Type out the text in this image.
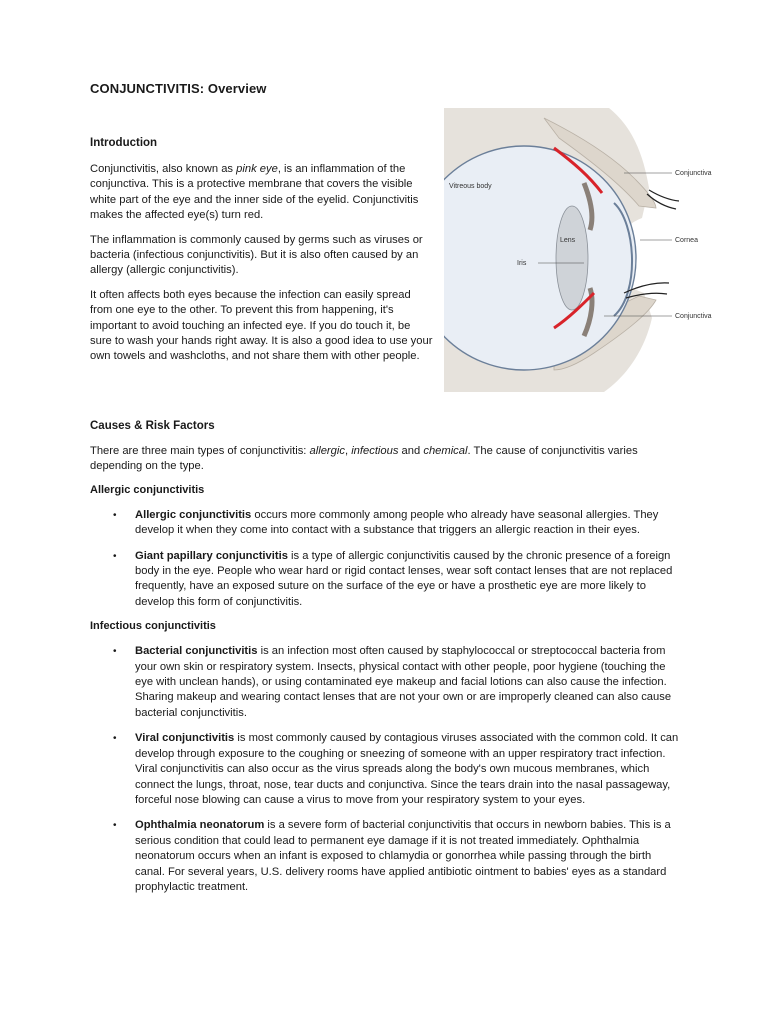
CONJUNCTIVITIS: Overview
Introduction

Conjunctivitis, also known as pink eye, is an inflammation of the conjunctiva. This is a protective membrane that covers the visible white part of the eye and the inner side of the eyelid. Conjunctivitis makes the affected eye(s) turn red.

The inflammation is commonly caused by germs such as viruses or bacteria (infectious conjunctivitis). But it is also often caused by an allergy (allergic conjunctivitis).

It often affects both eyes because the infection can easily spread from one eye to the other. To prevent this from happening, it's important to avoid touching an infected eye. If you do touch it, be sure to wash your hands right away. It is also a good idea to use your own towels and washcloths, and not share them with other people.

Conjunctiva
Vitreous body
Lens	Cornea
Iris
Conjunctiva
Causes & Risk Factors

There are three main types of conjunctivitis: allergic, infectious and chemical. The cause of conjunctivitis varies depending on the type.

Allergic conjunctivitis
• Allergic conjunctivitis occurs more commonly among people who already have seasonal allergies. They develop it when they come into contact with a substance that triggers an allergic reaction in their eyes.
• Giant papillary conjunctivitis is a type of allergic conjunctivitis caused by the chronic presence of a foreign body in the eye. People who wear hard or rigid contact lenses, wear soft contact lenses that are not replaced frequently, have an exposed suture on the surface of the eye or have a prosthetic eye are more likely to develop this form of conjunctivitis.
Infectious conjunctivitis
• Bacterial conjunctivitis is an infection most often caused by staphylococcal or streptococcal bacteria from your own skin or respiratory system. Insects, physical contact with other people, poor hygiene (touching the eye with unclean hands), or using contaminated eye makeup and facial lotions can also cause the infection. Sharing makeup and wearing contact lenses that are not your own or are improperly cleaned can also cause bacterial conjunctivitis.
• Viral conjunctivitis is most commonly caused by contagious viruses associated with the common cold. It can develop through exposure to the coughing or sneezing of someone with an upper respiratory tract infection. Viral conjunctivitis can also occur as the virus spreads along the body's own mucous membranes, which connect the lungs, throat, nose, tear ducts and conjunctiva. Since the tears drain into the nasal passageway, forceful nose blowing can cause a virus to move from your respiratory system to your eyes.
• Ophthalmia neonatorum is a severe form of bacterial conjunctivitis that occurs in newborn babies. This is a serious condition that could lead to permanent eye damage if it is not treated immediately. Ophthalmia neonatorum occurs when an infant is exposed to chlamydia or gonorrhea while passing through the birth canal. For several years, U.S. delivery rooms have applied antibiotic ointment to babies' eyes as a standard prophylactic treatment.
